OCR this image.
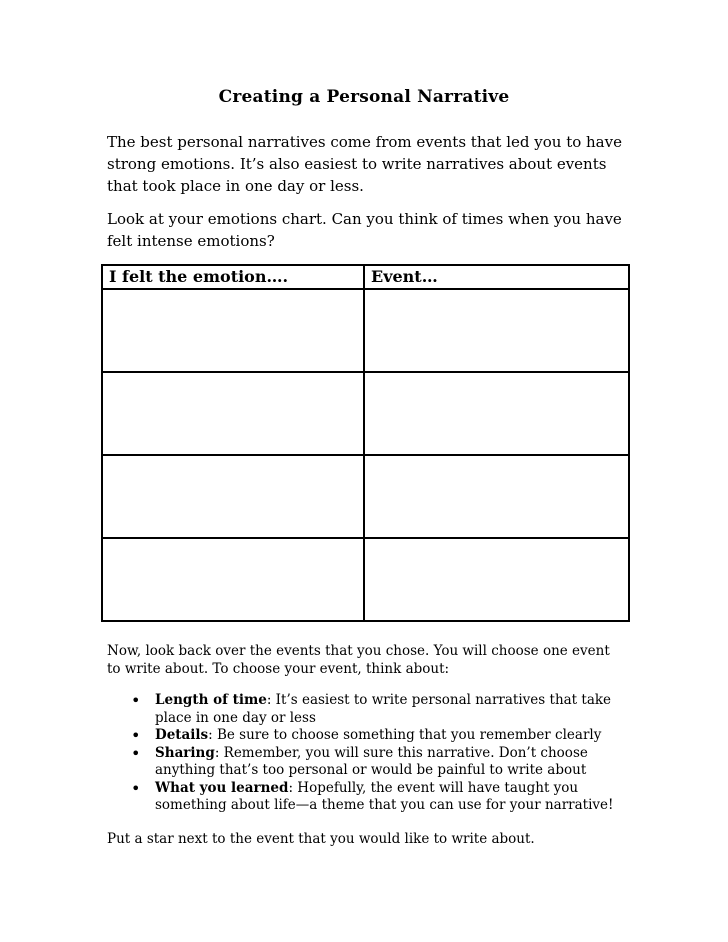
Creating a Personal Narrative

The best personal narratives come from events that led you to have strong emotions. It’s also easiest to write narratives about events that took place in one day or less.

Look at your emotions chart. Can you think of times when you have felt intense emotions?

I felt the emotion….	Event…

Now, look back over the events that you chose. You will choose one event to write about. To choose your event, think about:

• Length of time: It’s easiest to write personal narratives that take place in one day or less
• Details: Be sure to choose something that you remember clearly
• Sharing: Remember, you will sure this narrative. Don’t choose anything that’s too personal or would be painful to write about
• What you learned: Hopefully, the event will have taught you something about life—a theme that you can use for your narrative!

Put a star next to the event that you would like to write about.
